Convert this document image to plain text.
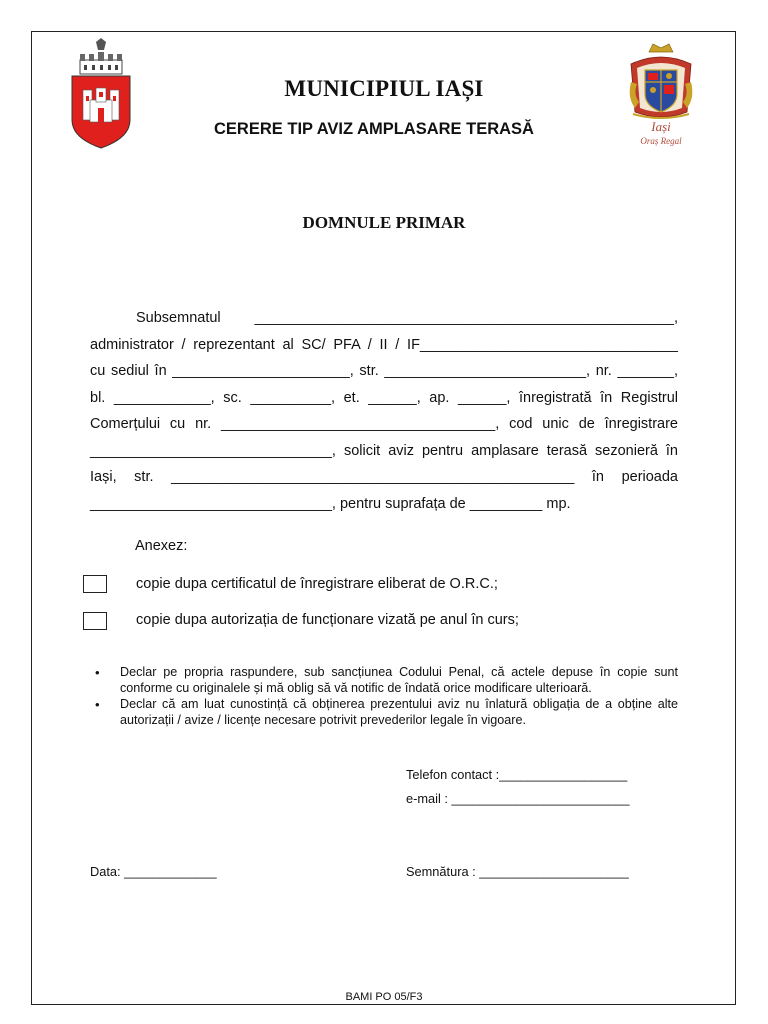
Iași
Oraș Regal
MUNICIPIUL IAȘI
CERERE TIP AVIZ AMPLASARE TERASĂ
DOMNULE PRIMAR
Subsemnatul ____________________________________________________,
administrator / reprezentant al SC/ PFA / II / IF________________________________
cu sediul în ______________________, str. _________________________, nr. _______,
bl. ____________, sc. __________, et. ______, ap. ______, înregistrată în Registrul
Comerțului cu nr. __________________________________, cod unic de înregistrare
______________________________, solicit aviz pentru amplasare terasă sezonieră în
Iași, str. __________________________________________________ în perioada
______________________________, pentru suprafața de _________ mp.
Anexez:
copie dupa certificatul de înregistrare eliberat de O.R.C.;
copie dupa autorizația de funcționare vizată pe anul în curs;
•	Declar pe propria raspundere, sub sancțiunea Codului Penal, că actele depuse în copie sunt conforme cu originalele și mă oblig să vă notific de îndată orice modificare ulterioară.
•	Declar că am luat cunostință că obținerea prezentului aviz nu înlatură obligația de a obține alte autorizații / avize / licențe necesare potrivit prevederilor legale în vigoare.
Telefon contact :__________________
e-mail : _________________________
Data: _____________	Semnătura : _____________________
BAMI PO 05/F3
